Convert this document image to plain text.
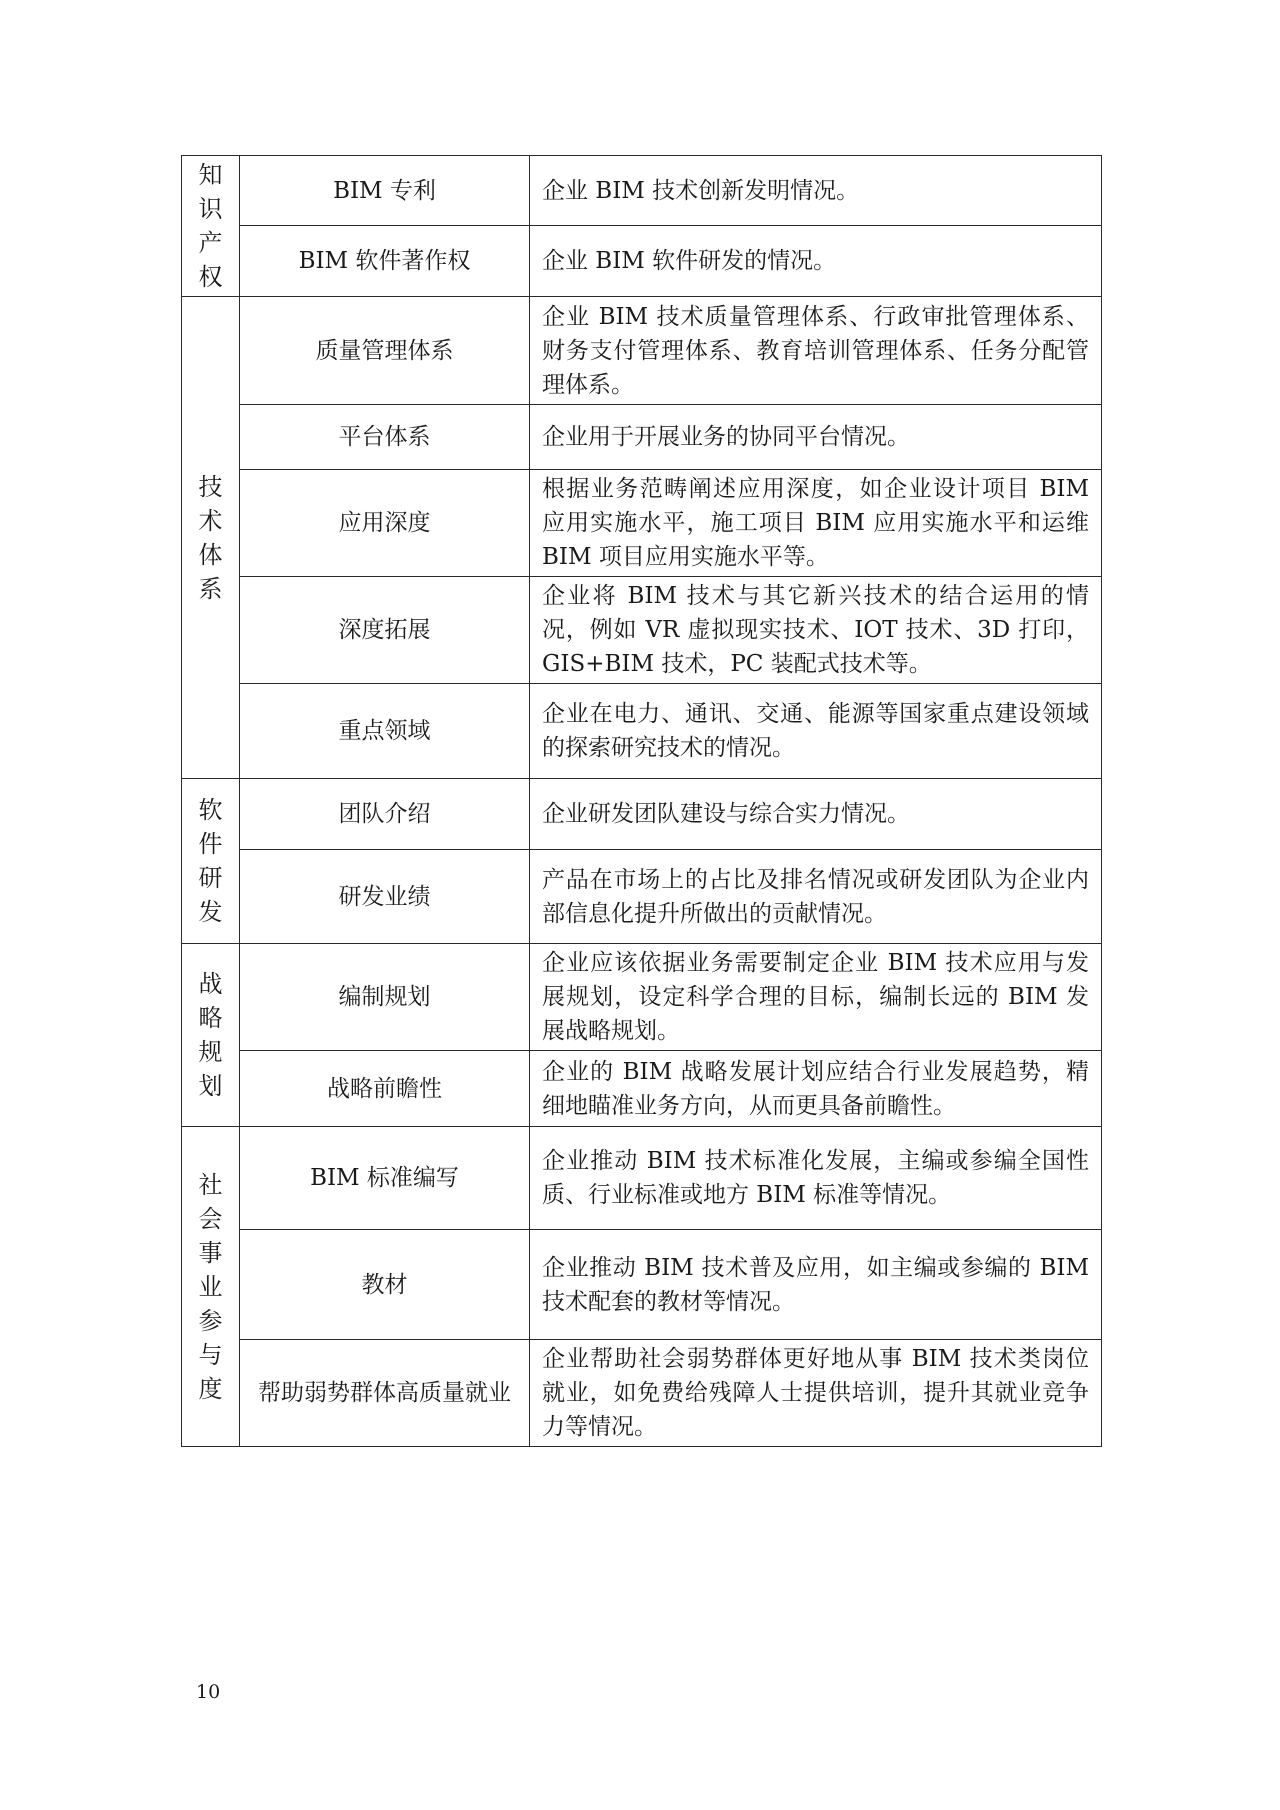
知识产权	BIM 专利	企业 BIM 技术创新发明情况。
	BIM 软件著作权	企业 BIM 软件研发的情况。
技术体系	质量管理体系	企业 BIM 技术质量管理体系、行政审批管理体系、财务支付管理体系、教育培训管理体系、任务分配管理体系。
	平台体系	企业用于开展业务的协同平台情况。
	应用深度	根据业务范畴阐述应用深度，如企业设计项目 BIM 应用实施水平，施工项目 BIM 应用实施水平和运维 BIM 项目应用实施水平等。
	深度拓展	企业将 BIM 技术与其它新兴技术的结合运用的情况，例如 VR 虚拟现实技术、IOT 技术、3D 打印，GIS+BIM 技术，PC 装配式技术等。
	重点领域	企业在电力、通讯、交通、能源等国家重点建设领域的探索研究技术的情况。
软件研发	团队介绍	企业研发团队建设与综合实力情况。
	研发业绩	产品在市场上的占比及排名情况或研发团队为企业内部信息化提升所做出的贡献情况。
战略规划	编制规划	企业应该依据业务需要制定企业 BIM 技术应用与发展规划，设定科学合理的目标，编制长远的 BIM 发展战略规划。
	战略前瞻性	企业的 BIM 战略发展计划应结合行业发展趋势，精细地瞄准业务方向，从而更具备前瞻性。
社会事业参与度	BIM 标准编写	企业推动 BIM 技术标准化发展，主编或参编全国性质、行业标准或地方 BIM 标准等情况。
	教材	企业推动 BIM 技术普及应用，如主编或参编的 BIM 技术配套的教材等情况。
	帮助弱势群体高质量就业	企业帮助社会弱势群体更好地从事 BIM 技术类岗位就业，如免费给残障人士提供培训，提升其就业竞争力等情况。
10
